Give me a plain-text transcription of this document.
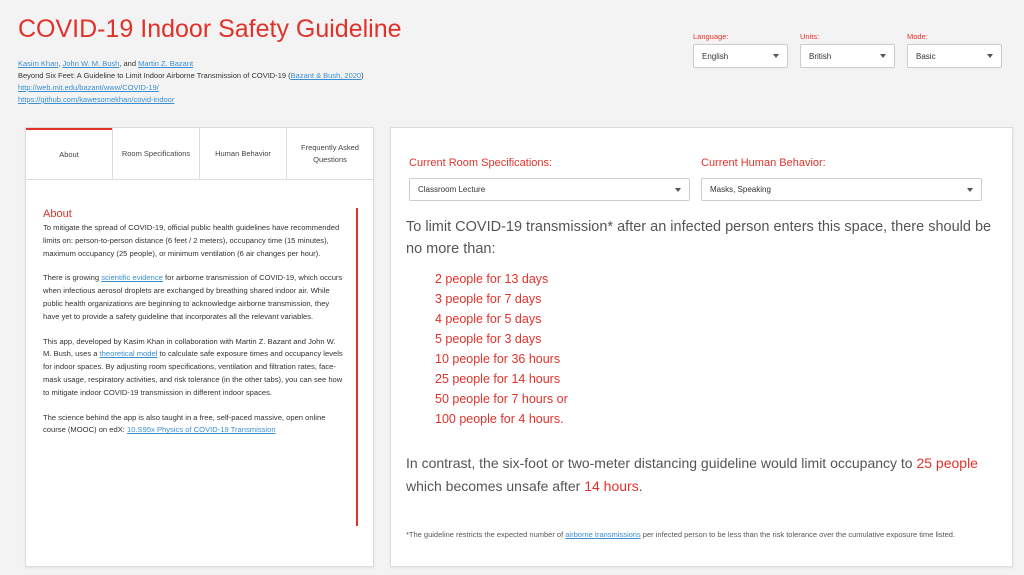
COVID-19 Indoor Safety Guideline
Kasim Khan, John W. M. Bush, and Martin Z. Bazant
Beyond Six Feet: A Guideline to Limit Indoor Airborne Transmission of COVID-19 (Bazant & Bush, 2020)
http://web.mit.edu/bazant/www/COVID-19/
https://github.com/kawesomekhan/covid-indoor
Language:
English
Units:
British
Mode:
Basic
About	Room Specifications	Human Behavior
Frequently Asked Questions
About

To mitigate the spread of COVID-19, official public health guidelines have recommended limits on: person-to-person distance (6 feet / 2 meters), occupancy time (15 minutes), maximum occupancy (25 people), or minimum ventilation (6 air changes per hour).

There is growing scientific evidence for airborne transmission of COVID-19, which occurs when infectious aerosol droplets are exchanged by breathing shared indoor air. While public health organizations are beginning to acknowledge airborne transmission, they have yet to provide a safety guideline that incorporates all the relevant variables.

This app, developed by Kasim Khan in collaboration with Martin Z. Bazant and John W. M. Bush, uses a theoretical model to calculate safe exposure times and occupancy levels for indoor spaces. By adjusting room specifications, ventilation and filtration rates, face-mask usage, respiratory activities, and risk tolerance (in the other tabs), you can see how to mitigate indoor COVID-19 transmission in different indoor spaces.

The science behind the app is also taught in a free, self-paced massive, open online course (MOOC) on edX: 10.S95x Physics of COVID-19 Transmission

Current Room Specifications:
Classroom Lecture
Current Human Behavior:
Masks, Speaking
To limit COVID-19 transmission* after an infected person enters this space, there should be no more than:
2 people for 13 days
3 people for 7 days
4 people for 5 days
5 people for 3 days
10 people for 36 hours
25 people for 14 hours
50 people for 7 hours or
100 people for 4 hours.
In contrast, the six-foot or two-meter distancing guideline would limit occupancy to 25 people which becomes unsafe after 14 hours.
*The guideline restricts the expected number of airborne transmissions per infected person to be less than the risk tolerance over the cumulative exposure time listed.
